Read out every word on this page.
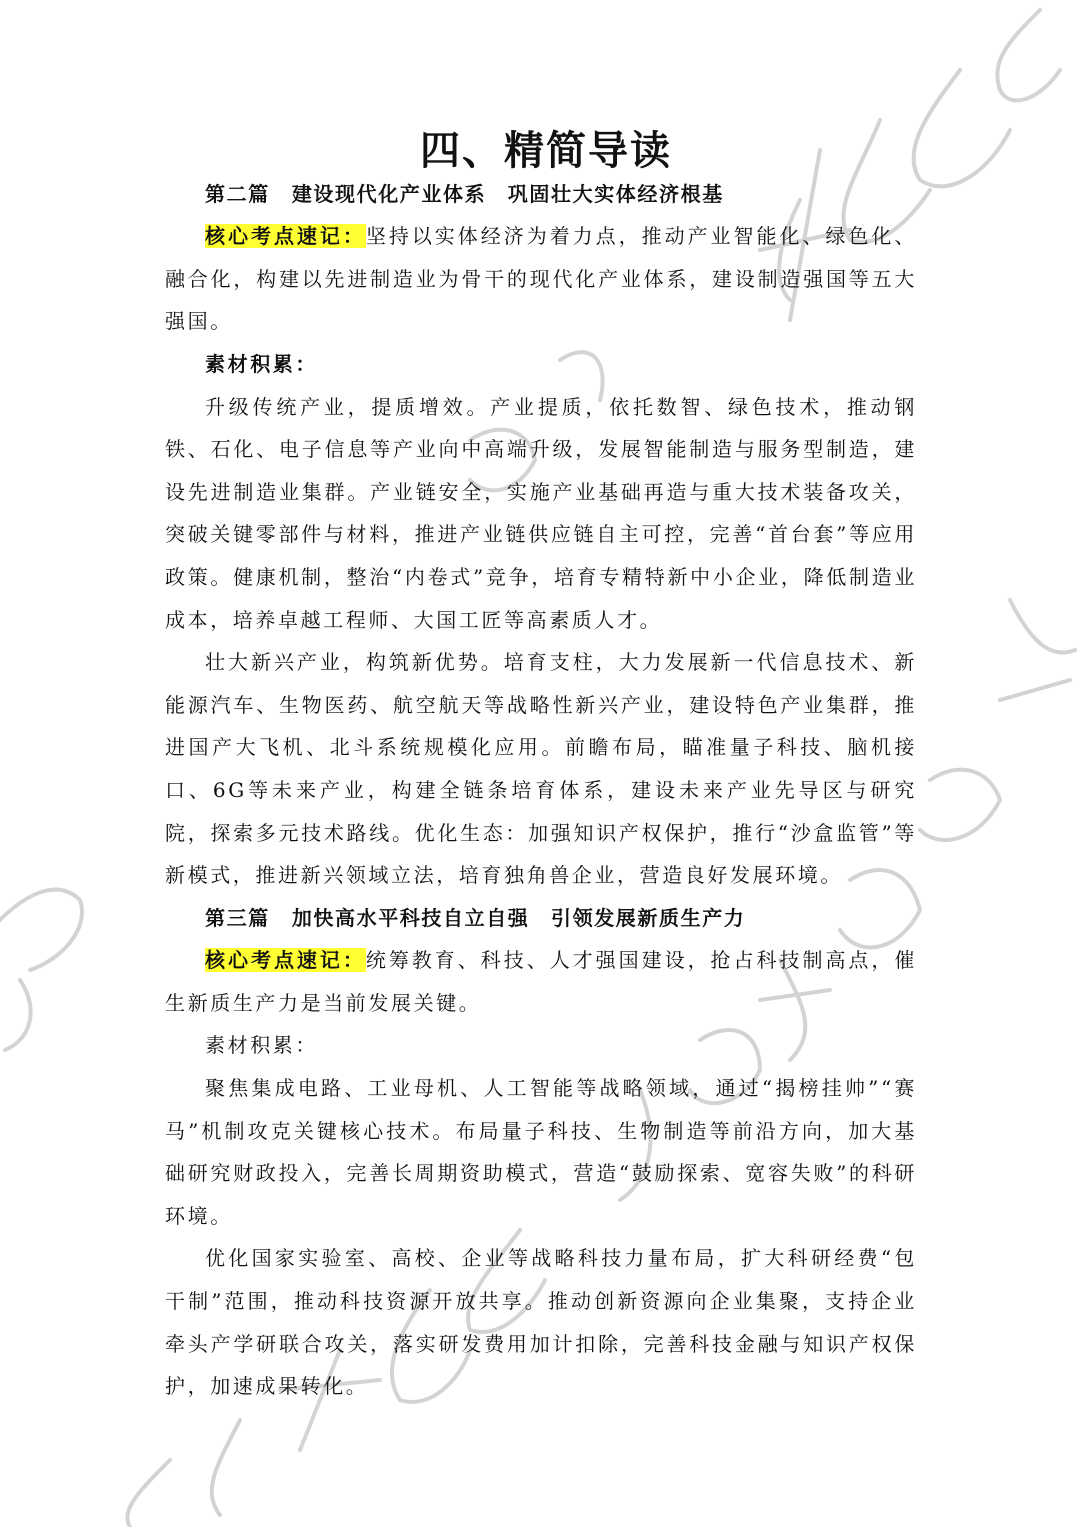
四、精简导读
第二篇 建设现代化产业体系　巩固壮大实体经济根基

核心考点速记：坚持以实体经济为着力点，推动产业智能化、绿色化、融合化，构建以先进制造业为骨干的现代化产业体系，建设制造强国等五大强国。

素材积累：

升级传统产业，提质增效。产业提质，依托数智、绿色技术，推动钢铁、石化、电子信息等产业向中高端升级，发展智能制造与服务型制造，建设先进制造业集群。产业链安全，实施产业基础再造与重大技术装备攻关，突破关键零部件与材料，推进产业链供应链自主可控，完善“首台套”等应用政策。健康机制，整治“内卷式”竞争，培育专精特新中小企业，降低制造业成本，培养卓越工程师、大国工匠等高素质人才。

壮大新兴产业，构筑新优势。培育支柱，大力发展新一代信息技术、新能源汽车、生物医药、航空航天等战略性新兴产业，建设特色产业集群，推进国产大飞机、北斗系统规模化应用。前瞻布局，瞄准量子科技、脑机接口、6G等未来产业，构建全链条培育体系，建设未来产业先导区与研究院，探索多元技术路线。优化生态：加强知识产权保护，推行“沙盒监管”等新模式，推进新兴领域立法，培育独角兽企业，营造良好发展环境。

第三篇 加快高水平科技自立自强　引领发展新质生产力

核心考点速记：统筹教育、科技、人才强国建设，抢占科技制高点，催生新质生产力是当前发展关键。

素材积累：

聚焦集成电路、工业母机、人工智能等战略领域，通过“揭榜挂帅”“赛马”机制攻克关键核心技术。布局量子科技、生物制造等前沿方向，加大基础研究财政投入，完善长周期资助模式，营造“鼓励探索、宽容失败”的科研环境。

优化国家实验室、高校、企业等战略科技力量布局，扩大科研经费“包干制”范围，推动科技资源开放共享。推动创新资源向企业集聚，支持企业牵头产学研联合攻关，落实研发费用加计扣除，完善科技金融与知识产权保护，加速成果转化。
